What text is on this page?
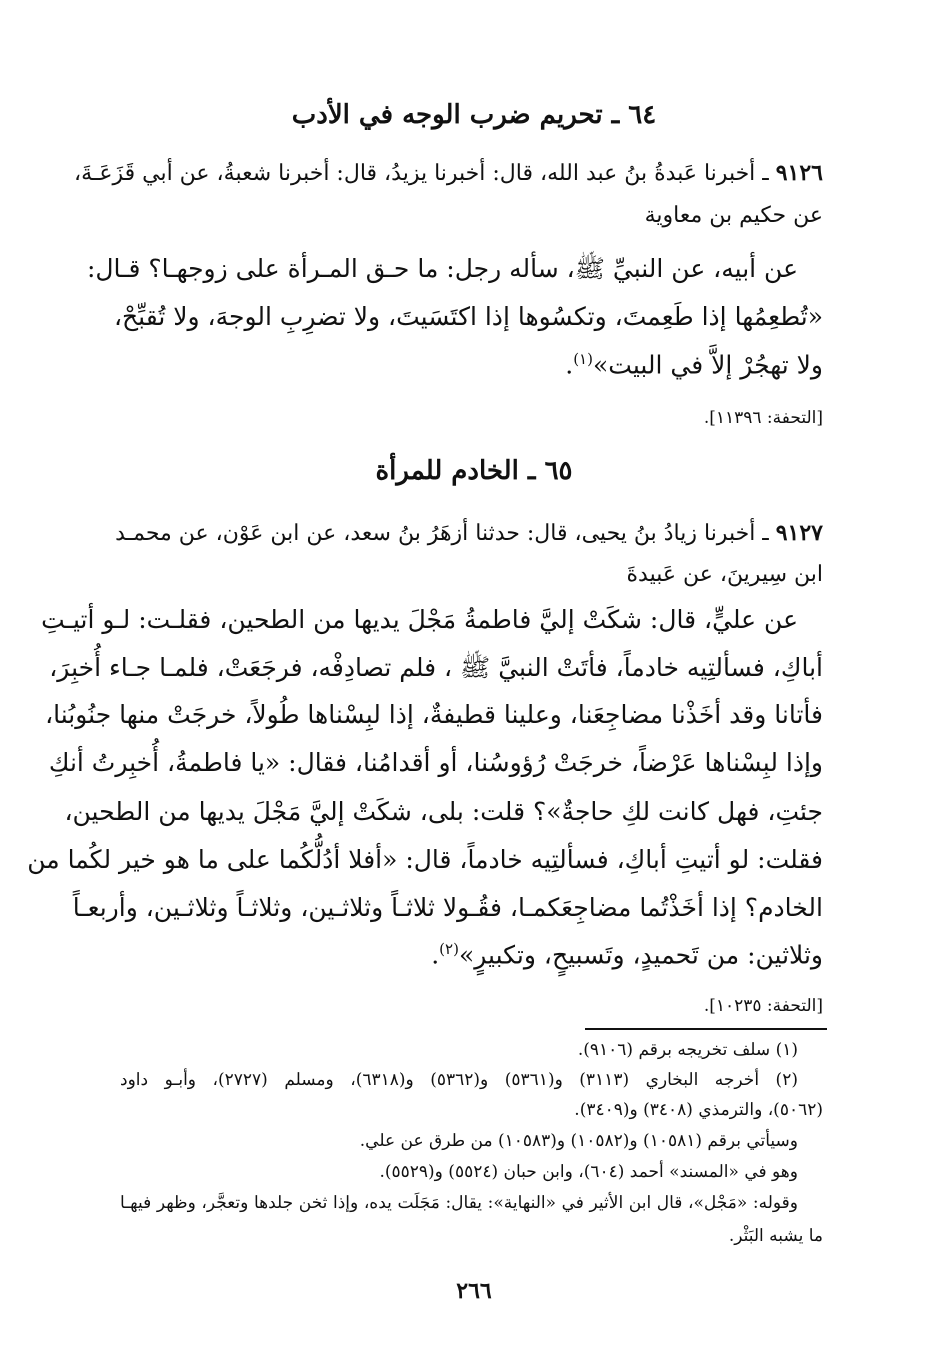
٦٤ ـ تحريم ضرب الوجه في الأدب
٩١٢٦ ـ أخبرنا عَبدةُ بنُ عبد الله، قال: أخبرنا يزيدُ، قال: أخبرنا شعبةُ، عن أبي قَزَعَـةَ،
عن حكيم بن معاوية
عن أبيه، عن النبيِّ ﷺ، سأله رجل: ما حـق المـرأة على زوجهـا؟ قـال:
«تُطعِمُها إذا طَعِمتَ، وتكسُوها إذا اكتَسَيتَ، ولا تضرِبِ الوجهَ، ولا تُقبِّحْ،
ولا تهجُرْ إلاَّ في البيت»$^{(١)}$.
[التحفة: ١١٣٩٦].
٦٥ ـ الخادم للمرأة
٩١٢٧ ـ أخبرنا زيادُ بنُ يحيى، قال: حدثنا أزهَرُ بنُ سعد، عن ابن عَوْن، عن محمـد
ابن سِيرينَ، عن عَبيدةَ
عن عليٍّ، قال: شكَتْ إليَّ فاطمةُ مَجْلَ يديها من الطحين، فقلـت: لـو أتيـتِ
أباكِ، فسألتِيه خادماً، فأتَتْ النبيَّ ﷺ ، فلم تصادِفْه، فرجَعَتْ، فلمـا جـاء أُخبِرَ،
فأتانا وقد أخَذْنا مضاجِعَنا، وعلينا قطيفةٌ، إذا لبِسْناها طُولاً، خرجَتْ منها جنُوبُنا،
وإذا لبِسْناها عَرْضاً، خرجَتْ رُؤوسُنا، أو أقدامُنا، فقال: «يا فاطمةُ، أُخبِرتُ أنكِ
جئتِ، فهل كانت لكِ حاجةٌ»؟ قلت: بلى، شكَتْ إليَّ مَجْلَ يديها من الطحين،
فقلت: لو أتيتِ أباكِ، فسألتِيه خادماً، قال: «أفلا أدُلُّكُما على ما هو خير لكُما من
الخادم؟ إذا أخَذْتُما مضاجِعَكمـا، فقُـولا ثلاثـاً وثلاثـين، وثلاثـاً وثلاثـين، وأربعـاً
وثلاثين: من تَحميدٍ، وتَسبيحٍ، وتكبيرٍ»$^{(٢)}$.
[التحفة: ١٠٢٣٥].
(١) سلف تخريجه برقم (٩١٠٦).
(٢) أخرجه البخاري (٣١١٣) و(٥٣٦١) و(٥٣٦٢) و(٦٣١٨)، ومسلم (٢٧٢٧)، وأبـو داود
(٥٠٦٢)، والترمذي (٣٤٠٨) و(٣٤٠٩).
وسيأتي برقم (١٠٥٨١) و(١٠٥٨٢) و(١٠٥٨٣) من طرق عن علي.
وهو في «المسند» أحمد (٦٠٤)، وابن حبان (٥٥٢٤) و(٥٥٢٩).
وقوله: «مَجْل»، قال ابن الأثير في «النهاية»: يقال: مَجَلَت يده، وإذا ثخن جلدها وتعجَّر، وظهر فيهـا
ما يشبه البَثْر.
٢٦٦
